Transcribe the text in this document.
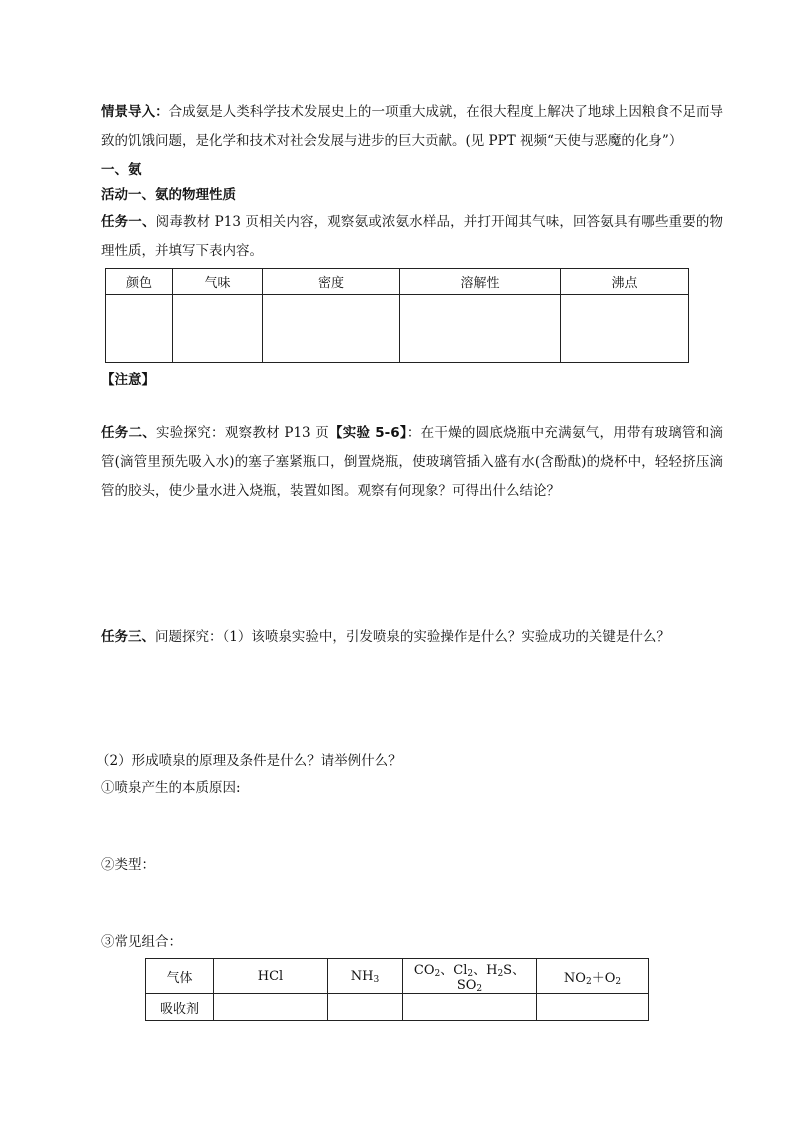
情景导入：合成氨是人类科学技术发展史上的一项重大成就，在很大程度上解决了地球上因粮食不足而导致的饥饿问题，是化学和技术对社会发展与进步的巨大贡献。(见 PPT 视频“天使与恶魔的化身”）

一、氨

活动一、氨的物理性质

任务一、阅毒教材 P13 页相关内容，观察氨或浓氨水样品，并打开闻其气味，回答氨具有哪些重要的物理性质，并填写下表内容。

颜色	气味	密度	溶解性	沸点

【注意】

任务二、实验探究：观察教材 P13 页【实验 5-6】：在干燥的圆底烧瓶中充满氨气，用带有玻璃管和滴管(滴管里预先吸入水)的塞子塞紧瓶口，倒置烧瓶，使玻璃管插入盛有水(含酚酞)的烧杯中，轻轻挤压滴管的胶头，使少量水进入烧瓶，装置如图。观察有何现象？可得出什么结论？

任务三、问题探究：（1）该喷泉实验中，引发喷泉的实验操作是什么？实验成功的关键是什么？

（2）形成喷泉的原理及条件是什么？请举例什么？

①喷泉产生的本质原因:

②类型：

③常见组合：

气体	HCl	$NH_3$	$CO_2$、$Cl_2$、$H_2S$、$SO_2$	$NO_2+O_2$
吸收剂				
